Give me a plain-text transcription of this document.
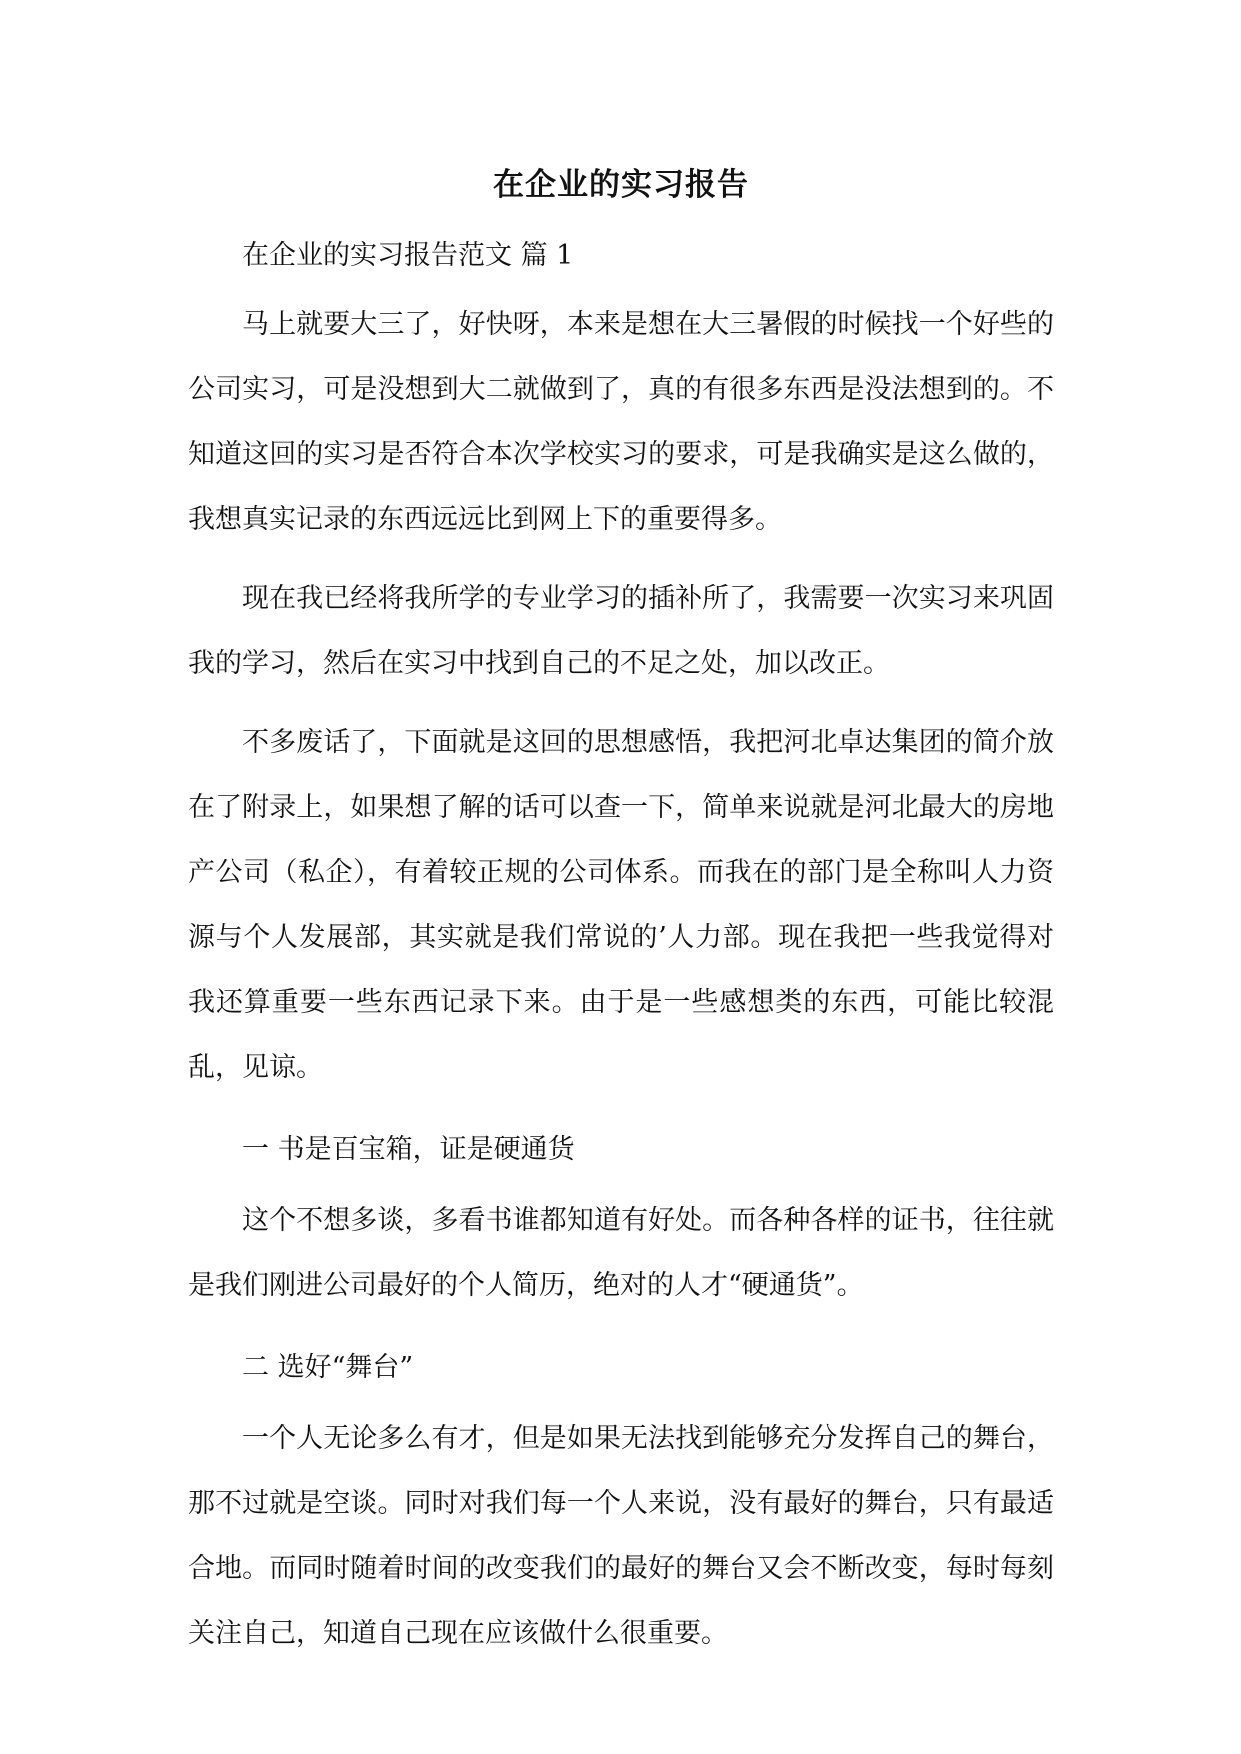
在企业的实习报告

在企业的实习报告范文 篇 1

马上就要大三了，好快呀，本来是想在大三暑假的时候找一个好些的公司实习，可是没想到大二就做到了，真的有很多东西是没法想到的。不知道这回的实习是否符合本次学校实习的要求，可是我确实是这么做的，我想真实记录的东西远远比到网上下的重要得多。

现在我已经将我所学的专业学习的插补所了，我需要一次实习来巩固我的学习，然后在实习中找到自己的不足之处，加以改正。

不多废话了，下面就是这回的思想感悟，我把河北卓达集团的简介放在了附录上，如果想了解的话可以查一下，简单来说就是河北最大的房地产公司（私企），有着较正规的公司体系。而我在的部门是全称叫人力资源与个人发展部，其实就是我们常说的’人力部。现在我把一些我觉得对我还算重要一些东西记录下来。由于是一些感想类的东西，可能比较混乱，见谅。

一 书是百宝箱，证是硬通货

这个不想多谈，多看书谁都知道有好处。而各种各样的证书，往往就是我们刚进公司最好的个人简历，绝对的人才“硬通货”。

二 选好“舞台”

一个人无论多么有才，但是如果无法找到能够充分发挥自己的舞台，那不过就是空谈。同时对我们每一个人来说，没有最好的舞台，只有最适合地。而同时随着时间的改变我们的最好的舞台又会不断改变，每时每刻关注自己，知道自己现在应该做什么很重要。
